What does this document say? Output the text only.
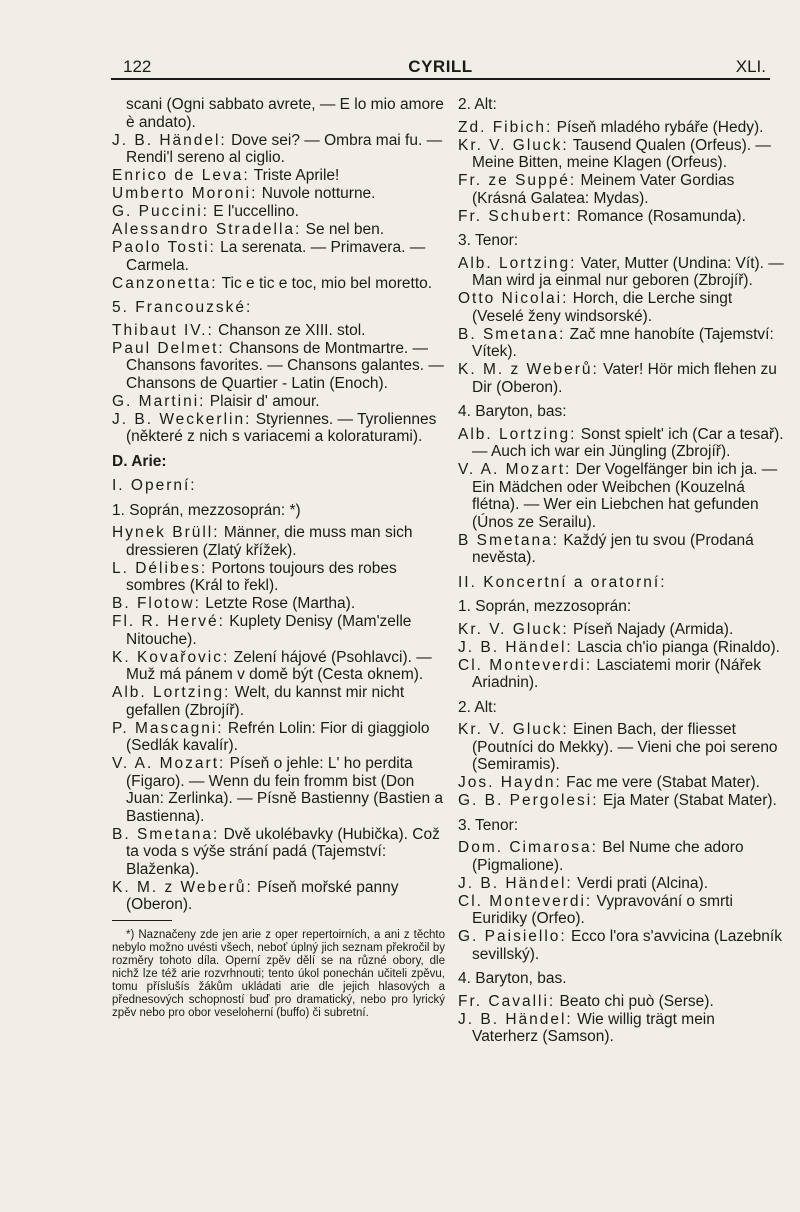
122	CYRILL	XLI.
scani (Ogni sabbato avrete, — E lo mio amore è andato).
J. B. Händel: Dove sei? — Ombra mai fu. — Rendi'l sereno al ciglio.
Enrico de Leva: Triste Aprile!
Umberto Moroni: Nuvole notturne.
G. Puccini: E l'uccellino.
Alessandro Stradella: Se nel ben.
Paolo Tosti: La serenata. — Primavera. — Carmela.
Canzonetta: Tic e tic e toc, mio bel moretto.
5. Francouzské:
Thibaut IV.: Chanson ze XIII. stol.
Paul Delmet: Chansons de Montmartre. — Chansons favorites. — Chansons galantes. — Chansons de Quartier - Latin (Enoch).
G. Martini: Plaisir d' amour.
J. B. Weckerlin: Styriennes. — Tyroliennes (některé z nich s variacemi a koloraturami).
D. Arie:
I. Operní:
1. Soprán, mezzosoprán: *)
Hynek Brüll: Männer, die muss man sich dressieren (Zlatý křížek).
L. Délibes: Portons toujours des robes sombres (Král to řekl).
B. Flotow: Letzte Rose (Martha).
Fl. R. Hervé: Kuplety Denisy (Mam'zelle Nitouche).
K. Kovařovic: Zelení hájové (Psohlavci). — Muž má pánem v domě být (Cesta oknem).
Alb. Lortzing: Welt, du kannst mir nicht gefallen (Zbrojíř).
P. Mascagni: Refrén Lolin: Fior di giaggiolo (Sedlák kavalír).
V. A. Mozart: Píseň o jehle: L' ho perdita (Figaro). — Wenn du fein fromm bist (Don Juan: Zerlinka). — Písně Bastienny (Bastien a Bastienna).
B. Smetana: Dvě ukolébavky (Hubička). Což ta voda s výše strání padá (Tajemství: Blaženka).
K. M. z Weberů: Píseň mořské panny (Oberon).
*) Naznačeny zde jen arie z oper repertoirních, a ani z těchto nebylo možno uvésti všech, neboť úplný jich seznam překročil by rozměry tohoto díla. Operní zpěv dělí se na různé obory, dle nichž lze též arie rozvrhnouti; tento úkol ponechán učiteli zpěvu, tomu příslušís žákům ukládati arie dle jejich hlasových a přednesových schopností buď pro dramatický, nebo pro lyrický zpěv nebo pro obor veselohernί (buffo) či subretní.
2. Alt:
Zd. Fibich: Píseň mladého rybáře (Hedy).
Kr. V. Gluck: Tausend Qualen (Orfeus). — Meine Bitten, meine Klagen (Orfeus).
Fr. ze Suppé: Meinem Vater Gordias (Krásná Galatea: Mydas).
Fr. Schubert: Romance (Rosamunda).
3. Tenor:
Alb. Lortzing: Vater, Mutter (Undina: Vít). — Man wird ja einmal nur geboren (Zbrojíř).
Otto Nicolai: Horch, die Lerche singt (Veselé ženy windsorské).
B. Smetana: Zač mne hanobíte (Tajemství: Vítek).
K. M. z Weberů: Vater! Hör mich flehen zu Dir (Oberon).
4. Baryton, bas:
Alb. Lortzing: Sonst spielt' ich (Car a tesař). — Auch ich war ein Jüngling (Zbrojíř).
V. A. Mozart: Der Vogelfänger bin ich ja. — Ein Mädchen oder Weibchen (Kouzelná flétna). — Wer ein Liebchen hat gefunden (Únos ze Serailu).
B Smetana: Každý jen tu svou (Prodaná nevěsta).
II. Koncertní a oratorní:
1. Soprán, mezzosoprán:
Kr. V. Gluck: Píseň Najady (Armida).
J. B. Händel: Lascia ch'io pianga (Rinaldo).
Cl. Monteverdi: Lasciatemi morir (Nářek Ariadnin).
2. Alt:
Kr. V. Gluck: Einen Bach, der fliesset (Poutníci do Mekky). — Vieni che poi sereno (Semiramis).
Jos. Haydn: Fac me vere (Stabat Mater).
G. B. Pergolesi: Eja Mater (Stabat Mater).
3. Tenor:
Dom. Cimarosa: Bel Nume che adoro (Pigmalione).
J. B. Händel: Verdi prati (Alcina).
Cl. Monteverdi: Vypravování o smrti Euridiky (Orfeo).
G. Paisiello: Ecco l'ora s'avvicina (Lazebník sevillský).
4. Baryton, bas.
Fr. Cavalli: Beato chi può (Serse).
J. B. Händel: Wie willig trägt mein Vaterherz (Samson).
